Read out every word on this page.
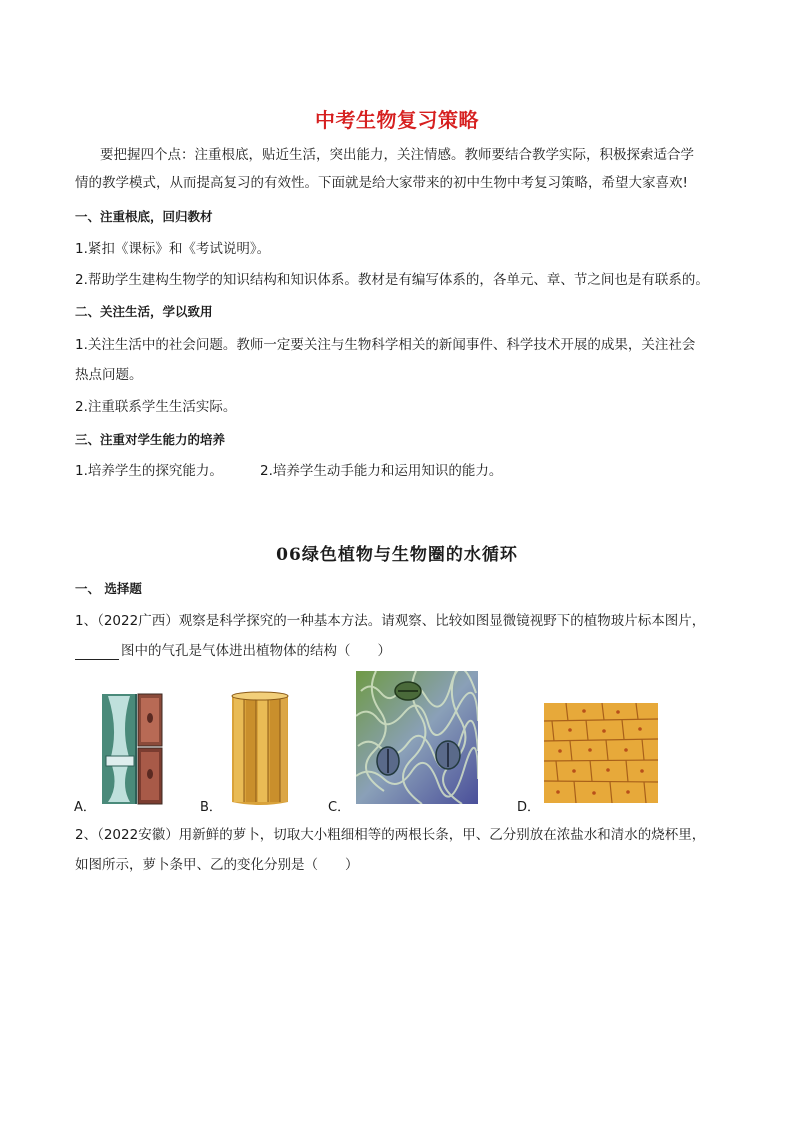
中考生物复习策略
要把握四个点：注重根底，贴近生活，突出能力，关注情感。教师要结合教学实际，积极探索适合学
情的教学模式，从而提高复习的有效性。下面就是给大家带来的初中生物中考复习策略，希望大家喜欢!
一、注重根底，回归教材
1.紧扣《课标》和《考试说明》。
2.帮助学生建构生物学的知识结构和知识体系。教材是有编写体系的，各单元、章、节之间也是有联系的。
二、关注生活，学以致用
1.关注生活中的社会问题。教师一定要关注与生物科学相关的新闻事件、科学技术开展的成果，关注社会
热点问题。
2.注重联系学生生活实际。
三、注重对学生能力的培养
1.培养学生的探究能力。	2.培养学生动手能力和运用知识的能力。
06绿色植物与生物圈的水循环
一、 选择题
1、（2022广西）观察是科学探究的一种基本方法。请观察、比较如图显微镜视野下的植物玻片标本图片，
图中的气孔是气体进出植物体的结构（　　）
A．	B．	C．	D．
2、（2022安徽）用新鲜的萝卜，切取大小粗细相等的两根长条，甲、乙分别放在浓盐水和清水的烧杯里，
如图所示，萝卜条甲、乙的变化分别是（　　）
